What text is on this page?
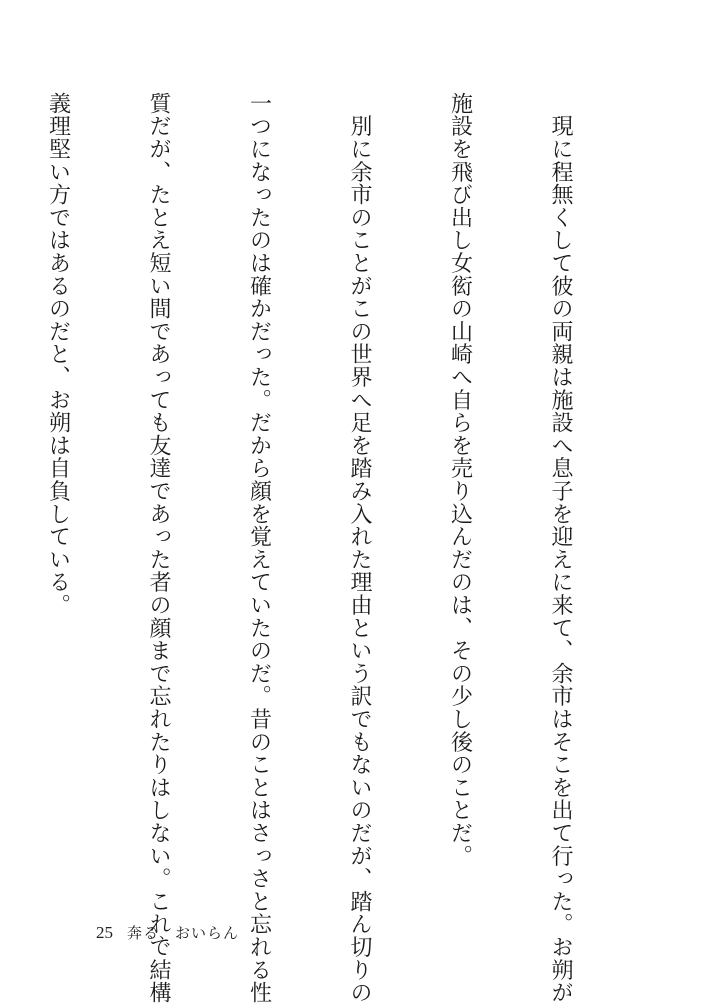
　現に程無くして彼の両親は施設へ息子を迎えに来て、余市はそこを出て行った。お朔が

施設を飛び出し女衒の山崎へ自らを売り込んだのは、その少し後のことだ。

　別に余市のことがこの世界へ足を踏み入れた理由という訳でもないのだが、踏ん切りの

一つになったのは確かだった。だから顔を覚えていたのだ。昔のことはさっさと忘れる性

質だが、たとえ短い間であっても友達であった者の顔まで忘れたりはしない。これで結構

義理堅い方ではあるのだと、お朔は自負している。

25 奔る、おいらん
